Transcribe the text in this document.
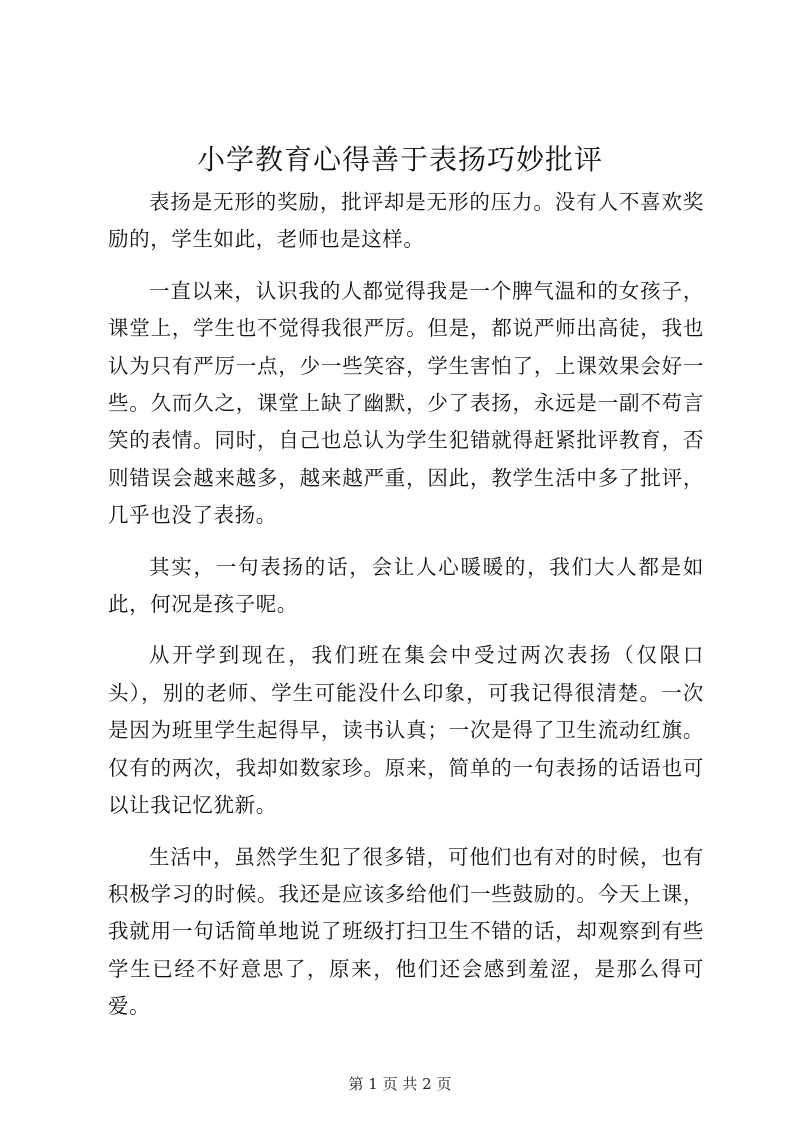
小学教育心得善于表扬巧妙批评

表扬是无形的奖励，批评却是无形的压力。没有人不喜欢奖励的，学生如此，老师也是这样。

一直以来，认识我的人都觉得我是一个脾气温和的女孩子，课堂上，学生也不觉得我很严厉。但是，都说严师出高徒，我也认为只有严厉一点，少一些笑容，学生害怕了，上课效果会好一些。久而久之，课堂上缺了幽默，少了表扬，永远是一副不苟言笑的表情。同时，自己也总认为学生犯错就得赶紧批评教育，否则错误会越来越多，越来越严重，因此，教学生活中多了批评，几乎也没了表扬。

其实，一句表扬的话，会让人心暖暖的，我们大人都是如此，何况是孩子呢。

从开学到现在，我们班在集会中受过两次表扬（仅限口头），别的老师、学生可能没什么印象，可我记得很清楚。一次是因为班里学生起得早，读书认真；一次是得了卫生流动红旗。仅有的两次，我却如数家珍。原来，简单的一句表扬的话语也可以让我记忆犹新。

生活中，虽然学生犯了很多错，可他们也有对的时候，也有积极学习的时候。我还是应该多给他们一些鼓励的。今天上课，我就用一句话简单地说了班级打扫卫生不错的话，却观察到有些学生已经不好意思了，原来，他们还会感到羞涩，是那么得可爱。

第 1 页 共 2 页
